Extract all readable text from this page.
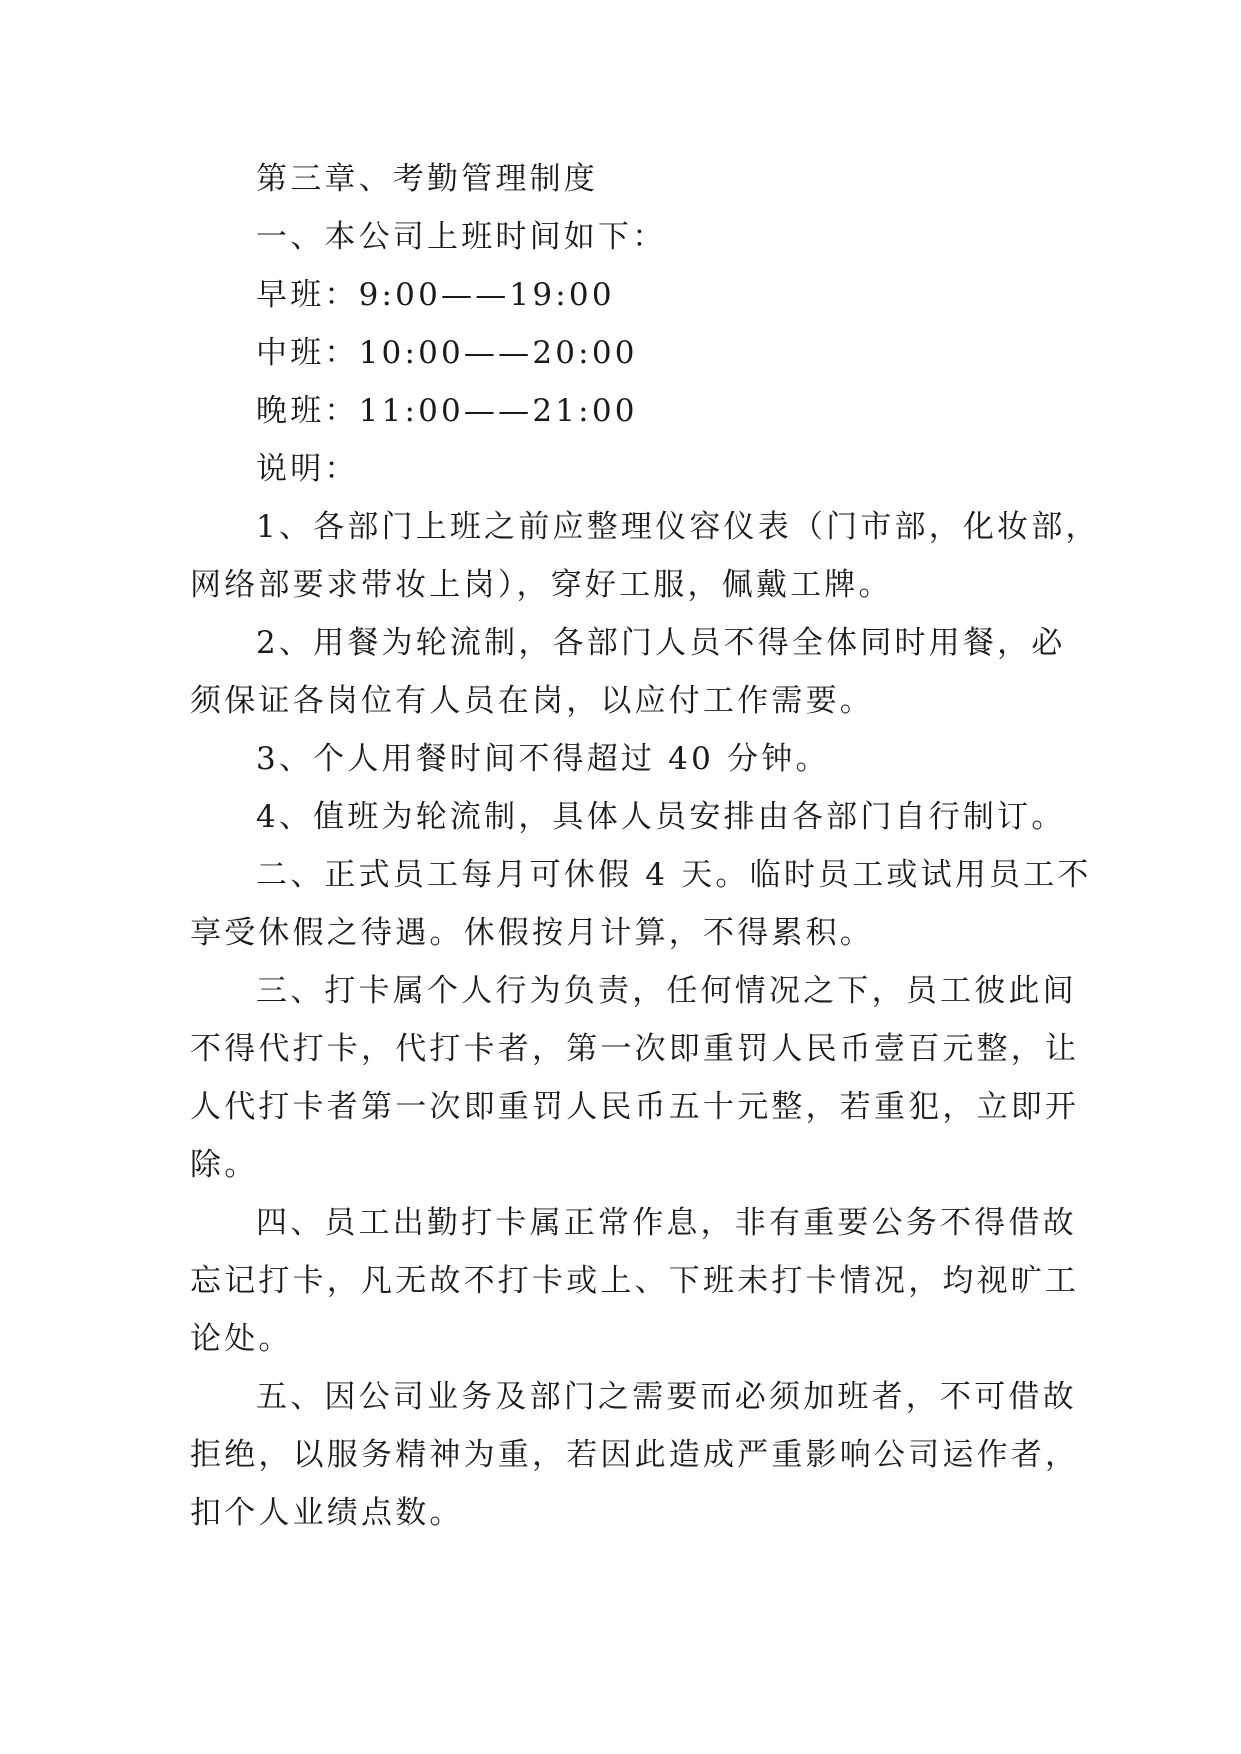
第三章、考勤管理制度

一、本公司上班时间如下：

早班：9:00——19:00

中班：10:00——20:00

晚班：11:00——21:00

说明：

1、各部门上班之前应整理仪容仪表（门市部，化妆部，

网络部要求带妆上岗），穿好工服，佩戴工牌。

2、用餐为轮流制，各部门人员不得全体同时用餐，必

须保证各岗位有人员在岗，以应付工作需要。

3、个人用餐时间不得超过 40 分钟。

4、值班为轮流制，具体人员安排由各部门自行制订。

二、正式员工每月可休假 4 天。临时员工或试用员工不

享受休假之待遇。休假按月计算，不得累积。

三、打卡属个人行为负责，任何情况之下，员工彼此间

不得代打卡，代打卡者，第一次即重罚人民币壹百元整，让

人代打卡者第一次即重罚人民币五十元整，若重犯，立即开

除。

四、员工出勤打卡属正常作息，非有重要公务不得借故

忘记打卡，凡无故不打卡或上、下班未打卡情况，均视旷工

论处。

五、因公司业务及部门之需要而必须加班者，不可借故

拒绝，以服务精神为重，若因此造成严重影响公司运作者，

扣个人业绩点数。
